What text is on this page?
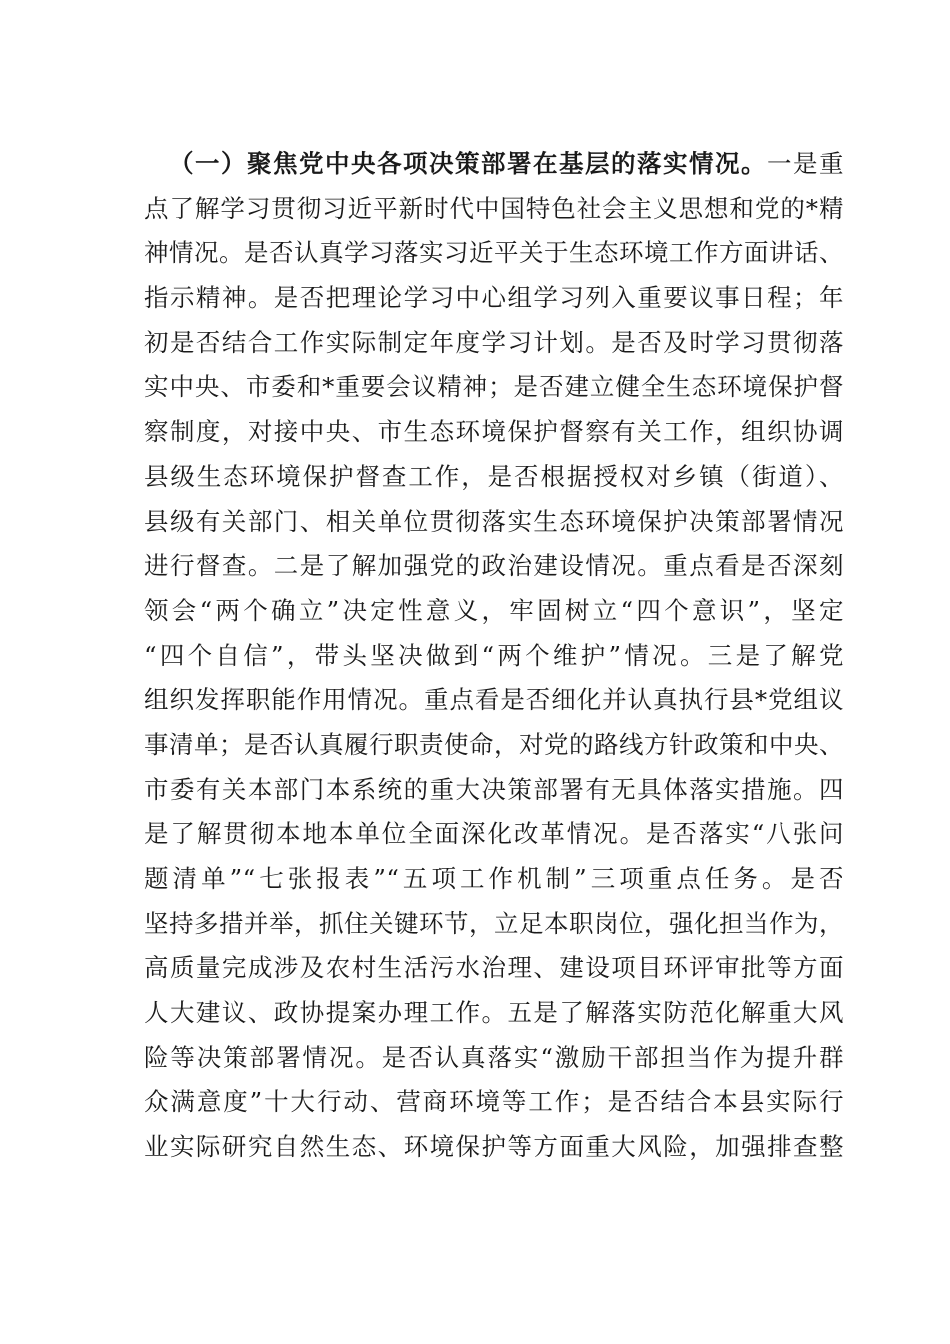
（一）聚焦党中央各项决策部署在基层的落实情况。一是重
点了解学习贯彻习近平新时代中国特色社会主义思想和党的*精
神情况。是否认真学习落实习近平关于生态环境工作方面讲话、
指示精神。是否把理论学习中心组学习列入重要议事日程；年
初是否结合工作实际制定年度学习计划。是否及时学习贯彻落
实中央、市委和*重要会议精神；是否建立健全生态环境保护督
察制度，对接中央、市生态环境保护督察有关工作，组织协调
县级生态环境保护督查工作，是否根据授权对乡镇（街道）、
县级有关部门、相关单位贯彻落实生态环境保护决策部署情况
进行督查。二是了解加强党的政治建设情况。重点看是否深刻
领会“两个确立”决定性意义，牢固树立“四个意识”，坚定
“四个自信”，带头坚决做到“两个维护”情况。三是了解党
组织发挥职能作用情况。重点看是否细化并认真执行县*党组议
事清单；是否认真履行职责使命，对党的路线方针政策和中央、
市委有关本部门本系统的重大决策部署有无具体落实措施。四
是了解贯彻本地本单位全面深化改革情况。是否落实“八张问
题清单”“七张报表”“五项工作机制”三项重点任务。是否
坚持多措并举，抓住关键环节，立足本职岗位，强化担当作为，
高质量完成涉及农村生活污水治理、建设项目环评审批等方面
人大建议、政协提案办理工作。五是了解落实防范化解重大风
险等决策部署情况。是否认真落实“激励干部担当作为提升群
众满意度”十大行动、营商环境等工作；是否结合本县实际行
业实际研究自然生态、环境保护等方面重大风险，加强排查整
